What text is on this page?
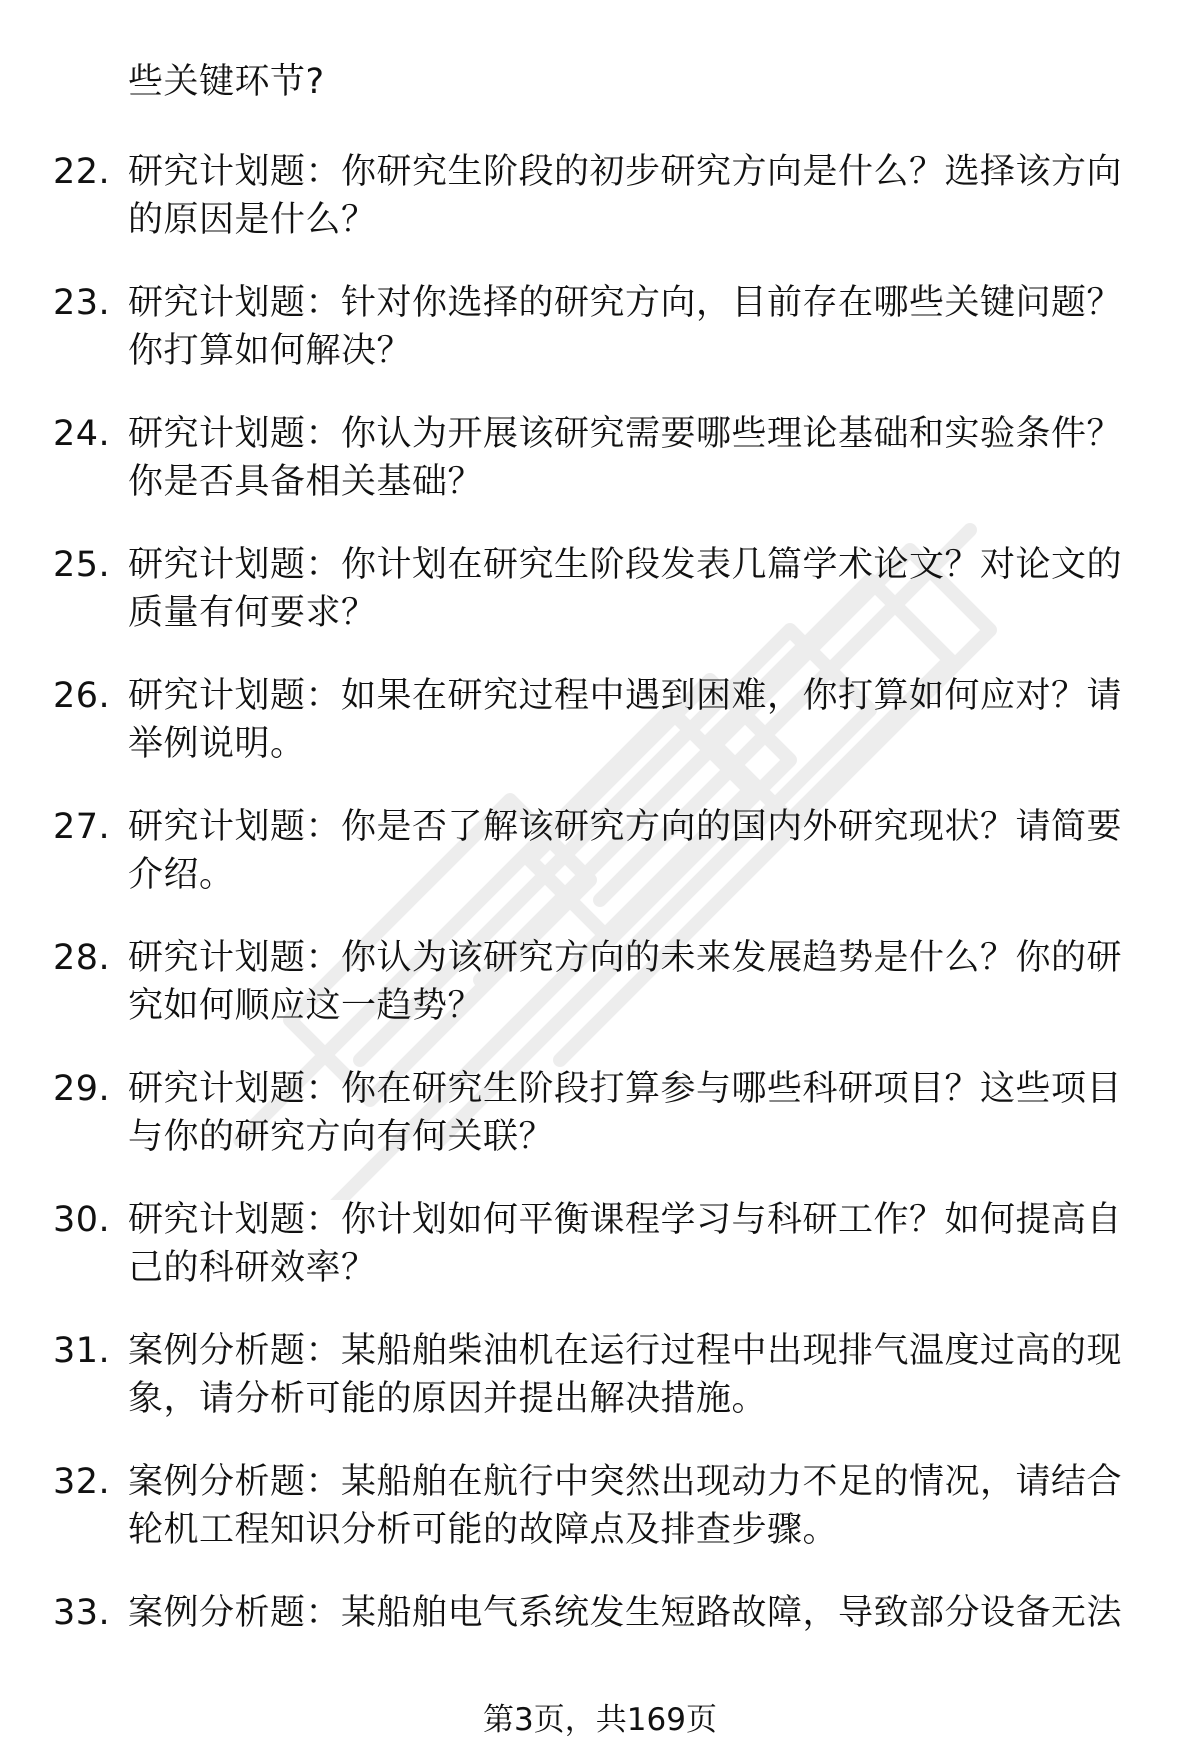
些关键环节?
22. 研究计划题：你研究生阶段的初步研究方向是什么？选择该方向的原因是什么？
23. 研究计划题：针对你选择的研究方向，目前存在哪些关键问题？你打算如何解决？
24. 研究计划题：你认为开展该研究需要哪些理论基础和实验条件？你是否具备相关基础？
25. 研究计划题：你计划在研究生阶段发表几篇学术论文？对论文的质量有何要求？
26. 研究计划题：如果在研究过程中遇到困难，你打算如何应对？请举例说明。
27. 研究计划题：你是否了解该研究方向的国内外研究现状？请简要介绍。
28. 研究计划题：你认为该研究方向的未来发展趋势是什么？你的研究如何顺应这一趋势？
29. 研究计划题：你在研究生阶段打算参与哪些科研项目？这些项目与你的研究方向有何关联？
30. 研究计划题：你计划如何平衡课程学习与科研工作？如何提高自己的科研效率？
31. 案例分析题：某船舶柴油机在运行过程中出现排气温度过高的现象，请分析可能的原因并提出解决措施。
32. 案例分析题：某船舶在航行中突然出现动力不足的情况，请结合轮机工程知识分析可能的故障点及排查步骤。
33. 案例分析题：某船舶电气系统发生短路故障，导致部分设备无法
第3页，共169页
